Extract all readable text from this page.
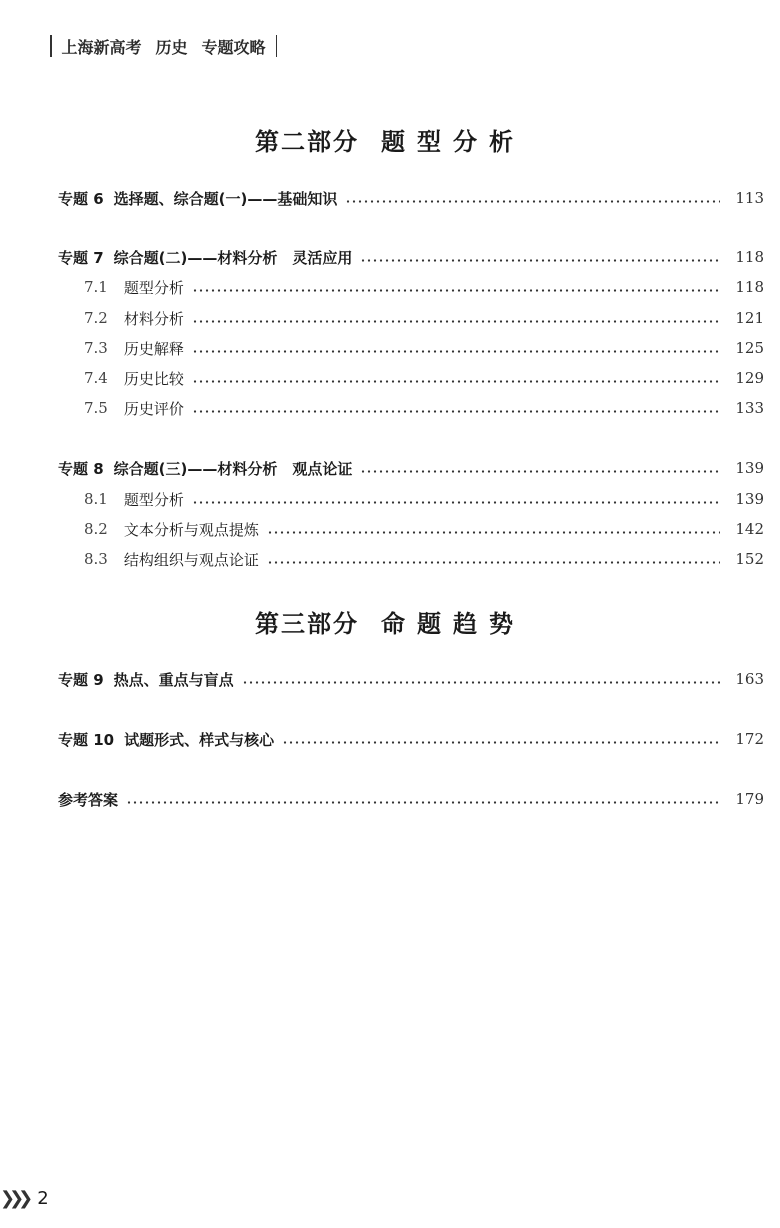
上海新高考 历史 专题攻略
第二部分 题型分析
专题 6 选择题、综合题(一)——基础知识	113
专题 7 综合题(二)——材料分析　灵活应用	118
7.1 题型分析	118
7.2 材料分析	121
7.3 历史解释	125
7.4 历史比较	129
7.5 历史评价	133
专题 8 综合题(三)——材料分析　观点论证	139
8.1 题型分析	139
8.2 文本分析与观点提炼	142
8.3 结构组织与观点论证	152
第三部分 命题趋势
专题 9 热点、重点与盲点	163
专题 10 试题形式、样式与核心	172
参考答案	179
❯❯❯ 2
